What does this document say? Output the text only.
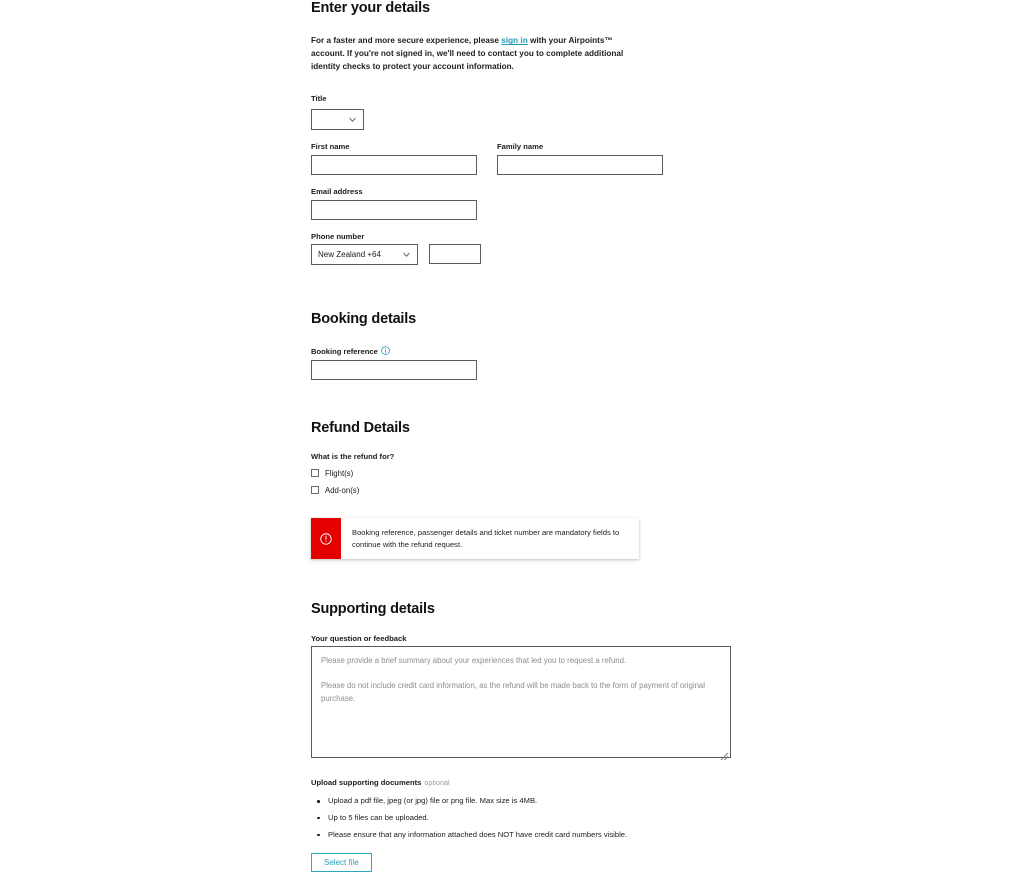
Enter your details

For a faster and more secure experience, please sign in with your Airpoints™ account. If you're not signed in, we'll need to contact you to complete additional identity checks to protect your account information.

Title
First name	Family name
Email address
Phone number
New Zealand +64
Booking details
Booking reference
Refund Details
What is the refund for?
Flight(s)
Add-on(s)
Booking reference, passenger details and ticket number are mandatory fields to continue with the refund request.
Supporting details
Your question or feedback
Please provide a brief summary about your experiences that led you to request a refund. Please do not include credit card information, as the refund will be made back to the form of payment of original purchase.
Upload supporting documents optional
Upload a pdf file, jpeg (or jpg) file or png file. Max size is 4MB.
Up to 5 files can be uploaded.
Please ensure that any information attached does NOT have credit card numbers visible.
Select file
